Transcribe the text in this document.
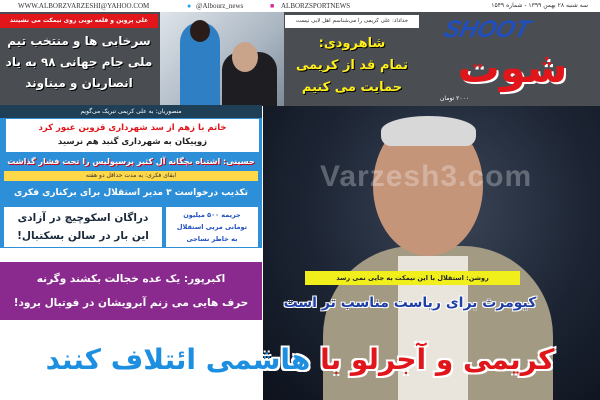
WWW.ALBORZVARZESHI@YAHOO.COM	● @Albourz_news	■ ALBORZSPORTNEWS	سه شنبه ۲۸ بهمن ۱۳۹۹ - شماره ۱۵۴۹
علی پروین و قلعه نویی روی نیمکت می نشینند
سرخابی ها و منتخب تیم
ملی جام جهانی ۹۸ به یاد
انصاریان و میناوند
خداداد: علی کریمی را می‌شناسم اهل لابی نیست
شاهرودی:
تمام قد از کریمی
حمایت می کنیم
SHOOT
شوت
۲۰۰۰ تومان
Varzesh3.com
منصوریان: به علی کریمی تبریک می‌گویم
خاتم با زهم از سد شهرداری قزوین عبور کرد
زوپیکان به شهرداری گنبد هم نرسید
حسینی: اشتباه بچگانه آل کثیر پرسپولیس را تحت فشار گذاشت
ابقای فکری: به مدت حداقل دو هفته
تکذیب درخواست ۳ مدیر استقلال برای برکناری فکری
دراگان اسکوچیچ در آزادی
این بار در سالن بسکتبال!
جریمه ۵۰۰ میلیون
تومانی مربی استقلال
به خاطر نساجی
اکبرپور: یک عده خجالت بکشند وگرنه
حرف هایی می زنم آبرویشان در فوتبال برود!
روشن: استقلال با این نیمکت به جایی نمی رسد
کیومرث برای ریاست مناسب تر است
کریمی و آجرلو با هاشمی ائتلاف کنند
